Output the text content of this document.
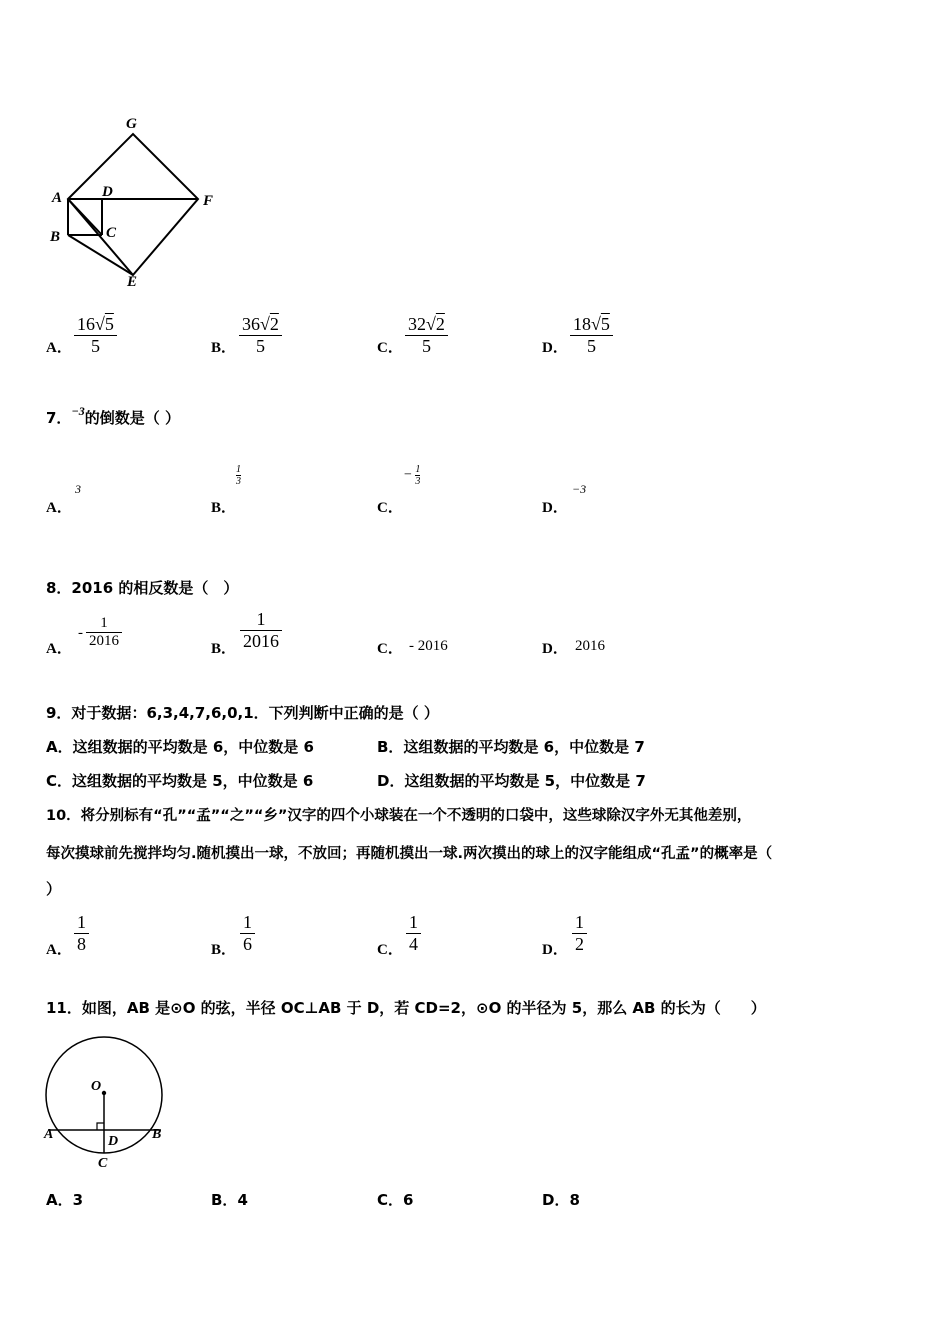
G
A	D
F
B	C
E
A． $\frac{16√5}{5}$	B． $\frac{36√2}{5}$	C． $\frac{32√2}{5}$	D． $\frac{18√5}{5}$
7．$^{-3}$的倒数是（ ）
A．
3
B．
1
3
C．
− $\frac{1}{3}$
D．
−3
8．2016 的相反数是（　）
A．
- $\frac{1}{2016}$	B． $\frac{1}{2016}$	C． - 2016	D． 2016
9．对于数据：6,3,4,7,6,0,1．下列判断中正确的是（ ）
A．这组数据的平均数是 6，中位数是 6	B．这组数据的平均数是 6，中位数是 7
C．这组数据的平均数是 5，中位数是 6	D．这组数据的平均数是 5，中位数是 7
10．将分别标有“孔”“孟”“之”“乡”汉字的四个小球装在一个不透明的口袋中，这些球除汉字外无其他差别，
每次摸球前先搅拌均匀.随机摸出一球，不放回；再随机摸出一球.两次摸出的球上的汉字能组成“孔孟”的概率是（
）
A． $\frac{1}{8}$	B． $\frac{1}{6}$	C． $\frac{1}{4}$	D． $\frac{1}{2}$
11．如图，AB 是⊙O 的弦，半径 OC⊥AB 于 D，若 CD=2，⊙O 的半径为 5，那么 AB 的长为（　　）
O
A	D B
C
A．3	B．4	C．6	D．8
